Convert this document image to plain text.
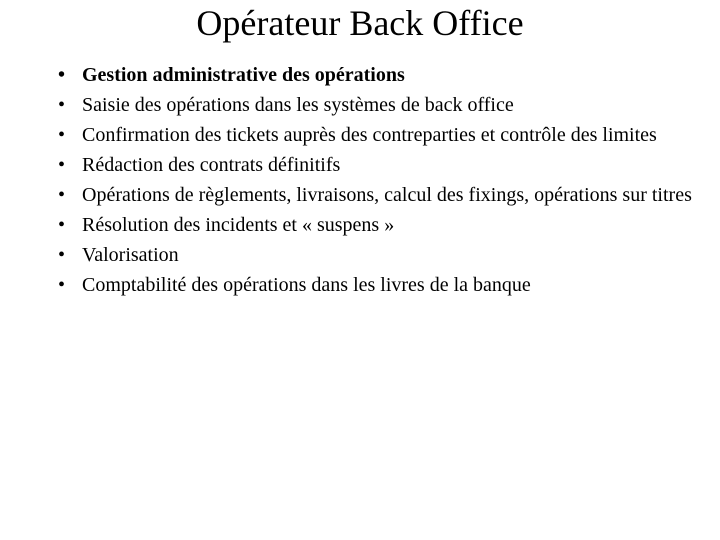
Opérateur Back Office
• Gestion administrative des opérations
• Saisie des opérations dans les systèmes de back office
• Confirmation des tickets auprès des contreparties et contrôle des limites
• Rédaction des contrats définitifs
• Opérations de règlements, livraisons, calcul des fixings, opérations sur titres
• Résolution des incidents et « suspens »
• Valorisation
• Comptabilité des opérations dans les livres de la banque
